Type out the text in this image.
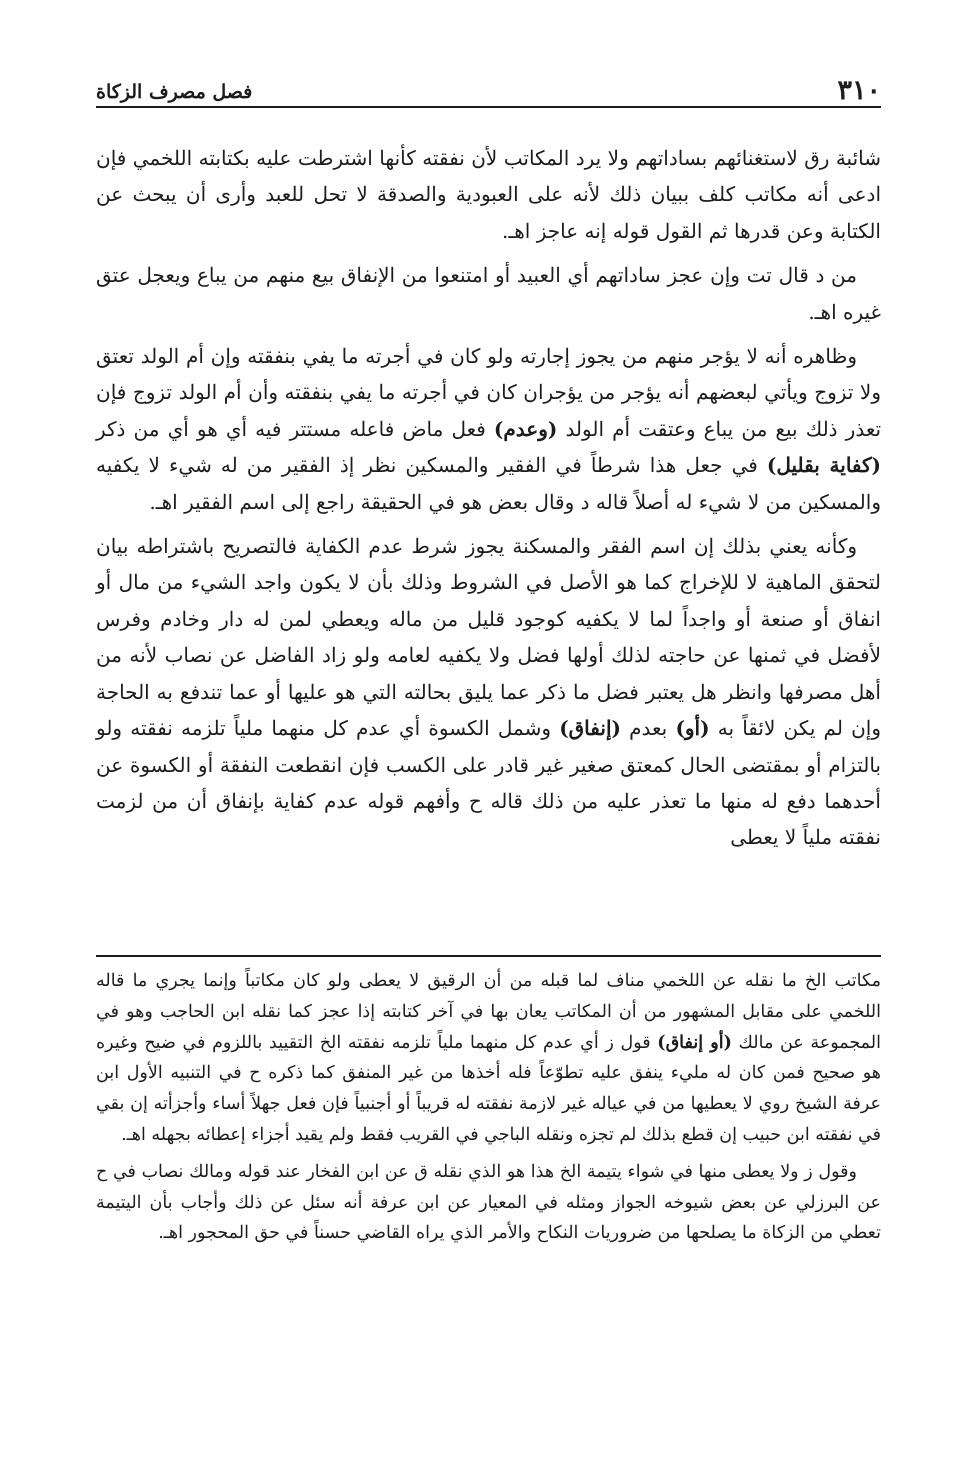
٣١٠
فصل مصرف الزكاة

شائبة رق لاستغنائهم بساداتهم ولا يرد المكاتب لأن نفقته كأنها اشترطت عليه بكتابته اللخمي فإن ادعى أنه مكاتب كلف ببيان ذلك لأنه على العبودية والصدقة لا تحل للعبد وأرى أن يبحث عن الكتابة وعن قدرها ثم القول قوله إنه عاجز اهـ.

من د قال تت وإن عجز ساداتهم أي العبيد أو امتنعوا من الإنفاق بيع منهم من يباع ويعجل عتق غيره اهـ.

وظاهره أنه لا يؤجر منهم من يجوز إجارته ولو كان في أجرته ما يفي بنفقته وإن أم الولد تعتق ولا تزوج ويأتي لبعضهم أنه يؤجر من يؤجران كان في أجرته ما يفي بنفقته وأن أم الولد تزوج فإن تعذر ذلك بيع من يباع وعتقت أم الولد (وعدم) فعل ماض فاعله مستتر فيه أي هو أي من ذكر (كفاية بقليل) في جعل هذا شرطاً في الفقير والمسكين نظر إذ الفقير من له شيء لا يكفيه والمسكين من لا شيء له أصلاً قاله د وقال بعض هو في الحقيقة راجع إلى اسم الفقير اهـ.

وكأنه يعني بذلك إن اسم الفقر والمسكنة يجوز شرط عدم الكفاية فالتصريح باشتراطه بيان لتحقق الماهية لا للإخراج كما هو الأصل في الشروط وذلك بأن لا يكون واجد الشيء من مال أو انفاق أو صنعة أو واجداً لما لا يكفيه كوجود قليل من ماله ويعطي لمن له دار وخادم وفرس لأفضل في ثمنها عن حاجته لذلك أولها فضل ولا يكفيه لعامه ولو زاد الفاضل عن نصاب لأنه من أهل مصرفها وانظر هل يعتبر فضل ما ذكر عما يليق بحالته التي هو عليها أو عما تندفع به الحاجة وإن لم يكن لائقاً به (أو) بعدم (إنفاق) وشمل الكسوة أي عدم كل منهما ملياً تلزمه نفقته ولو بالتزام أو بمقتضى الحال كمعتق صغير غير قادر على الكسب فإن انقطعت النفقة أو الكسوة عن أحدهما دفع له منها ما تعذر عليه من ذلك قاله ح وأفهم قوله عدم كفاية بإنفاق أن من لزمت نفقته ملياً لا يعطى

مكاتب الخ ما نقله عن اللخمي مناف لما قبله من أن الرقيق لا يعطى ولو كان مكاتباً وإنما يجري ما قاله اللخمي على مقابل المشهور من أن المكاتب يعان بها في آخر كتابته إذا عجز كما نقله ابن الحاجب وهو في المجموعة عن مالك (أو إنفاق) قول ز أي عدم كل منهما ملياً تلزمه نفقته الخ التقييد باللزوم في ضيح وغيره هو صحيح فمن كان له مليء ينفق عليه تطوّعاً فله أخذها من غير المنفق كما ذكره ح في التنبيه الأول ابن عرفة الشيخ روي لا يعطيها من في عياله غير لازمة نفقته له قريباً أو أجنبياً فإن فعل جهلاً أساء وأجزأته إن بقي في نفقته ابن حبيب إن قطع بذلك لم تجزه ونقله الباجي في القريب فقط ولم يقيد أجزاء إعطائه بجهله اهـ.

وقول ز ولا يعطى منها في شواء يتيمة الخ هذا هو الذي نقله ق عن ابن الفخار عند قوله ومالك نصاب في ح عن البرزلي عن بعض شيوخه الجواز ومثله في المعيار عن ابن عرفة أنه سئل عن ذلك وأجاب بأن اليتيمة تعطي من الزكاة ما يصلحها من ضروريات النكاح والأمر الذي يراه القاضي حسناً في حق المحجور اهـ.
